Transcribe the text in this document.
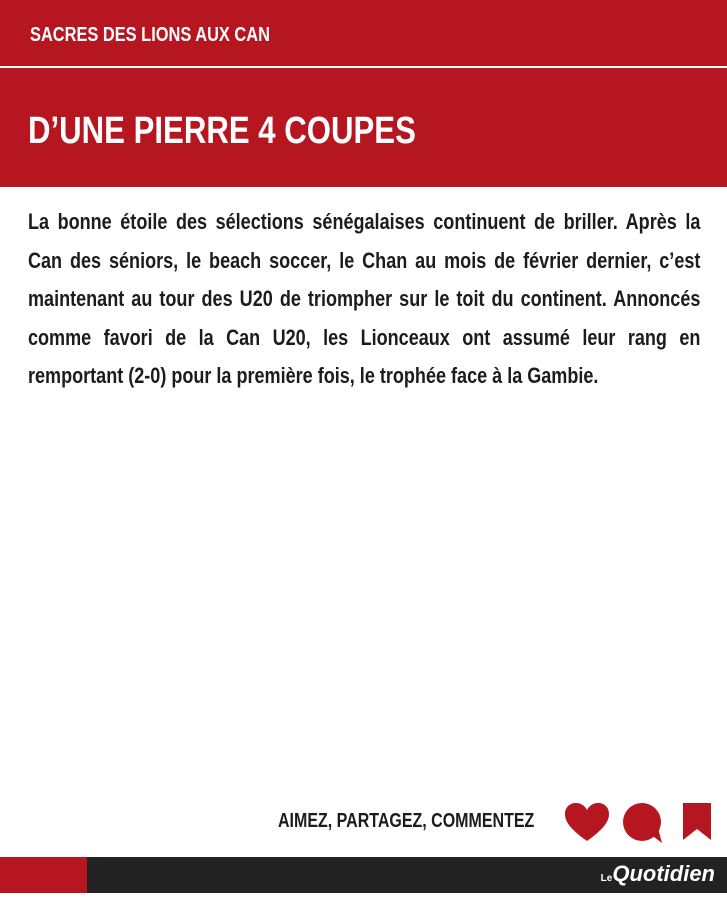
SACRES DES LIONS AUX CAN
D’UNE PIERRE 4 COUPES
La bonne étoile des sélections sénégalaises continuent de briller. Après la Can des séniors, le beach soccer, le Chan au mois de février dernier, c’est maintenant au tour des U20 de triompher sur le toit du continent. Annoncés comme favori de la Can U20, les Lionceaux ont assumé leur rang en remportant (2-0) pour la première fois, le trophée face à la Gambie.
AIMEZ, PARTAGEZ, COMMENTEZ
LeQuotidien
